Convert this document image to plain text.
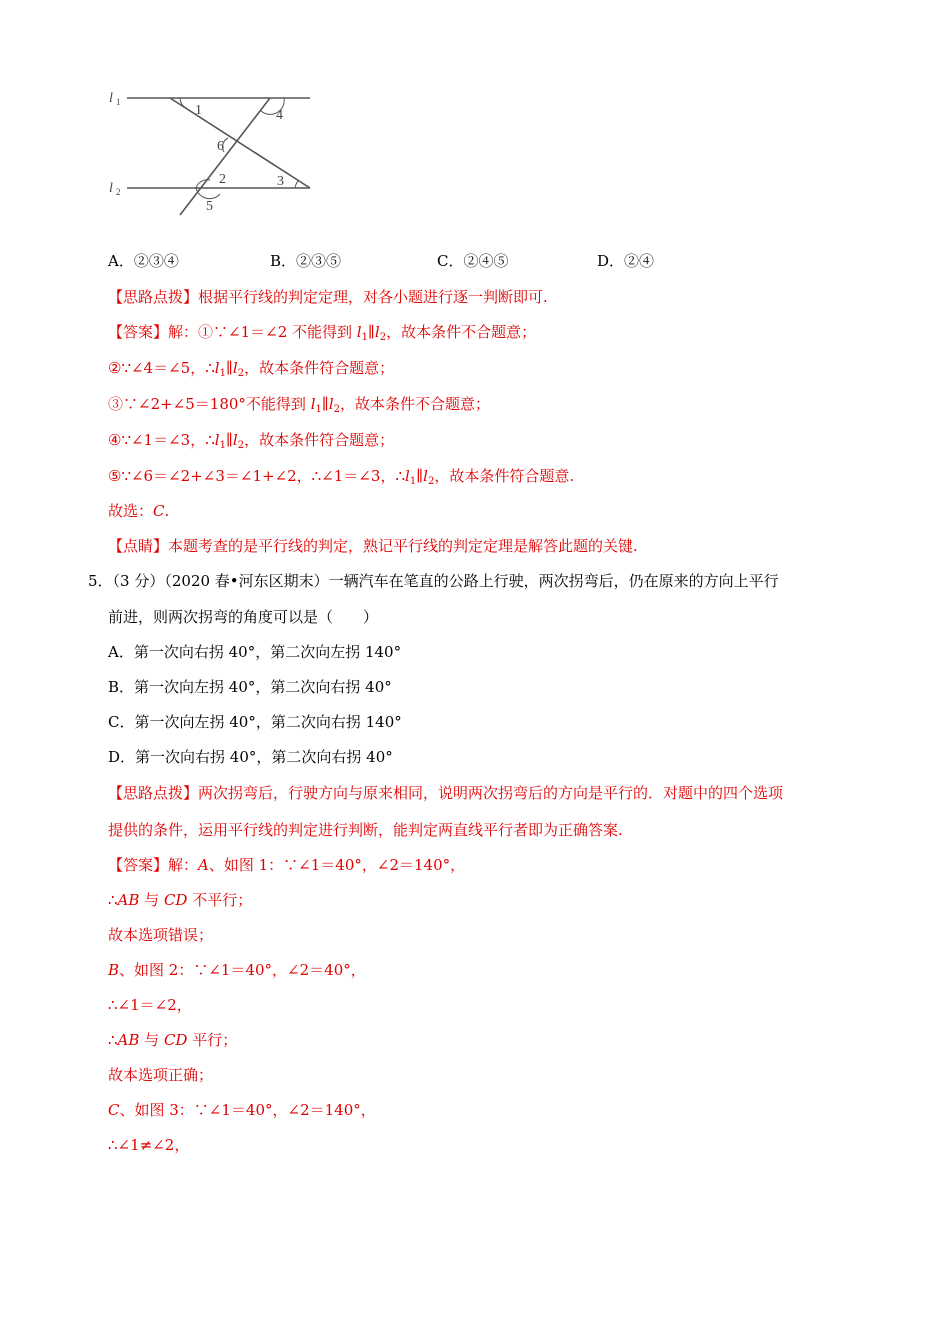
l 1
l 2
1	4
6
2	3
5
A．②③④	B．②③⑤	C．②④⑤	D．②④
【思路点拨】根据平行线的判定定理，对各小题进行逐一判断即可.
【答案】解：①∵∠1＝∠2 不能得到 $l_1\parallel l_2$，故本条件不合题意；
②∵∠4＝∠5，$\therefore l_1\parallel l_2$，故本条件符合题意；
③∵∠2+∠5＝180°不能得到 $l_1\parallel l_2$，故本条件不合题意；
④∵∠1＝∠3，$\therefore l_1\parallel l_2$，故本条件符合题意；
⑤∵∠6＝∠2+∠3＝∠1+∠2，∴∠1＝∠3，$\therefore l_1\parallel l_2$，故本条件符合题意.
故选：C.
【点睛】本题考查的是平行线的判定，熟记平行线的判定定理是解答此题的关键.
5．（3 分）（2020 春•河东区期末）一辆汽车在笔直的公路上行驶，两次拐弯后，仍在原来的方向上平行
前进，则两次拐弯的角度可以是（　　）
A．第一次向右拐 40°，第二次向左拐 140°
B．第一次向左拐 40°，第二次向右拐 40°
C．第一次向左拐 40°，第二次向右拐 140°
D．第一次向右拐 40°，第二次向右拐 40°
【思路点拨】两次拐弯后，行驶方向与原来相同，说明两次拐弯后的方向是平行的．对题中的四个选项
提供的条件，运用平行线的判定进行判断，能判定两直线平行者即为正确答案.
【答案】解：A、如图 1：∵∠1＝40°，∠2＝140°，
∴AB 与 CD 不平行；
故本选项错误；
B、如图 2：∵∠1＝40°，∠2＝40°，
∴∠1＝∠2，
∴AB 与 CD 平行；
故本选项正确；
C、如图 3：∵∠1＝40°，∠2＝140°，
∴∠1≠∠2，
